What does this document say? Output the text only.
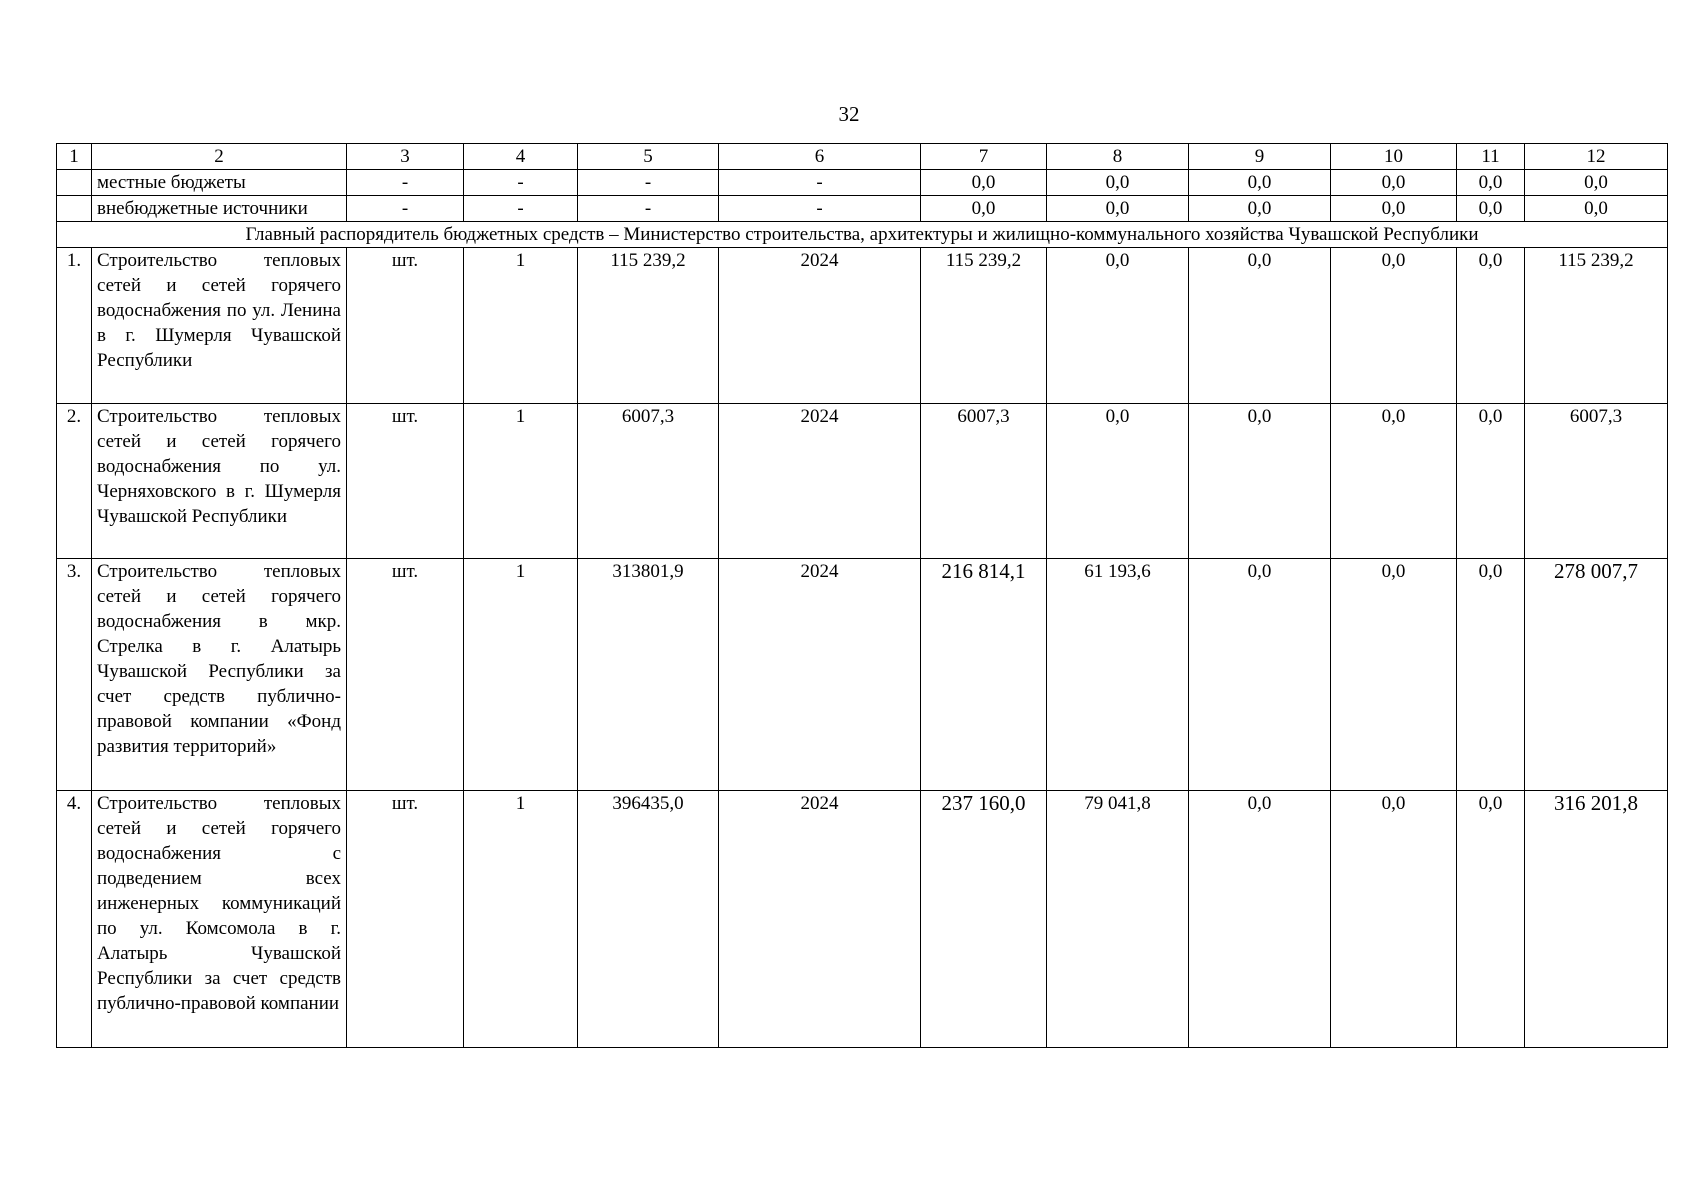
32
1	2	3	4	5	6	7	8	9	10	11	12
	местные бюджеты	-	-	-	-	0,0	0,0	0,0	0,0	0,0	0,0
	внебюджетные источники	-	-	-	-	0,0	0,0	0,0	0,0	0,0	0,0
Главный распорядитель бюджетных средств – Министерство строительства, архитектуры и жилищно-коммунального хозяйства Чувашской Республики											
1.	Строительство тепловых сетей и сетей горячего водоснабжения по ул. Ленина в г. Шумерля Чувашской Республики	шт.	1	115 239,2	2024	115 239,2	0,0	0,0	0,0	0,0	115 239,2
2.	Строительство тепловых сетей и сетей горячего водоснабжения по ул. Черняховского в г. Шумерля Чувашской Республики	шт.	1	6007,3	2024	6007,3	0,0	0,0	0,0	0,0	6007,3
3.	Строительство тепловых сетей и сетей горячего водоснабжения в мкр. Стрелка в г. Алатырь Чувашской Республики за счет средств публично-правовой компании «Фонд развития территорий»	шт.	1	313801,9	2024	216 814,1	61 193,6	0,0	0,0	0,0	278 007,7
4.	Строительство тепловых сетей и сетей горячего водоснабжения с подведением всех инженерных коммуникаций по ул. Комсомола в г. Алатырь Чувашской Республики за счет средств публично-правовой компании	шт.	1	396435,0	2024	237 160,0	79 041,8	0,0	0,0	0,0	316 201,8
